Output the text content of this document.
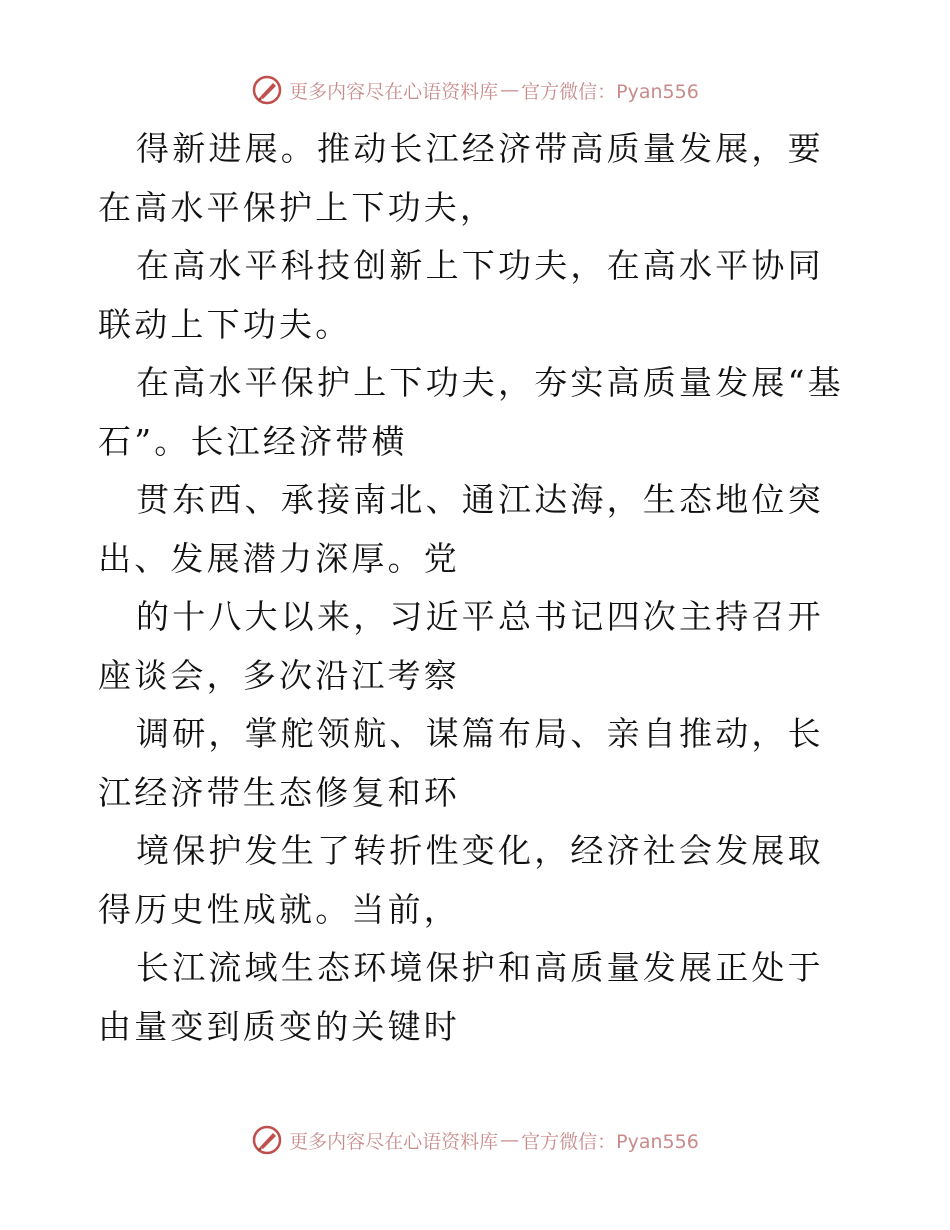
更多内容尽在心语资料库 — 官方微信：Pyan556

得新进展。推动长江经济带高质量发展，要在高水平保护上下功夫，

在高水平科技创新上下功夫，在高水平协同联动上下功夫。

在高水平保护上下功夫，夯实高质量发展“基石”。长江经济带横

贯东西、承接南北、通江达海，生态地位突出、发展潜力深厚。党

的十八大以来，习近平总书记四次主持召开座谈会，多次沿江考察

调研，掌舵领航、谋篇布局、亲自推动，长江经济带生态修复和环

境保护发生了转折性变化，经济社会发展取得历史性成就。当前，

长江流域生态环境保护和高质量发展正处于由量变到质变的关键时

更多内容尽在心语资料库 — 官方微信：Pyan556
